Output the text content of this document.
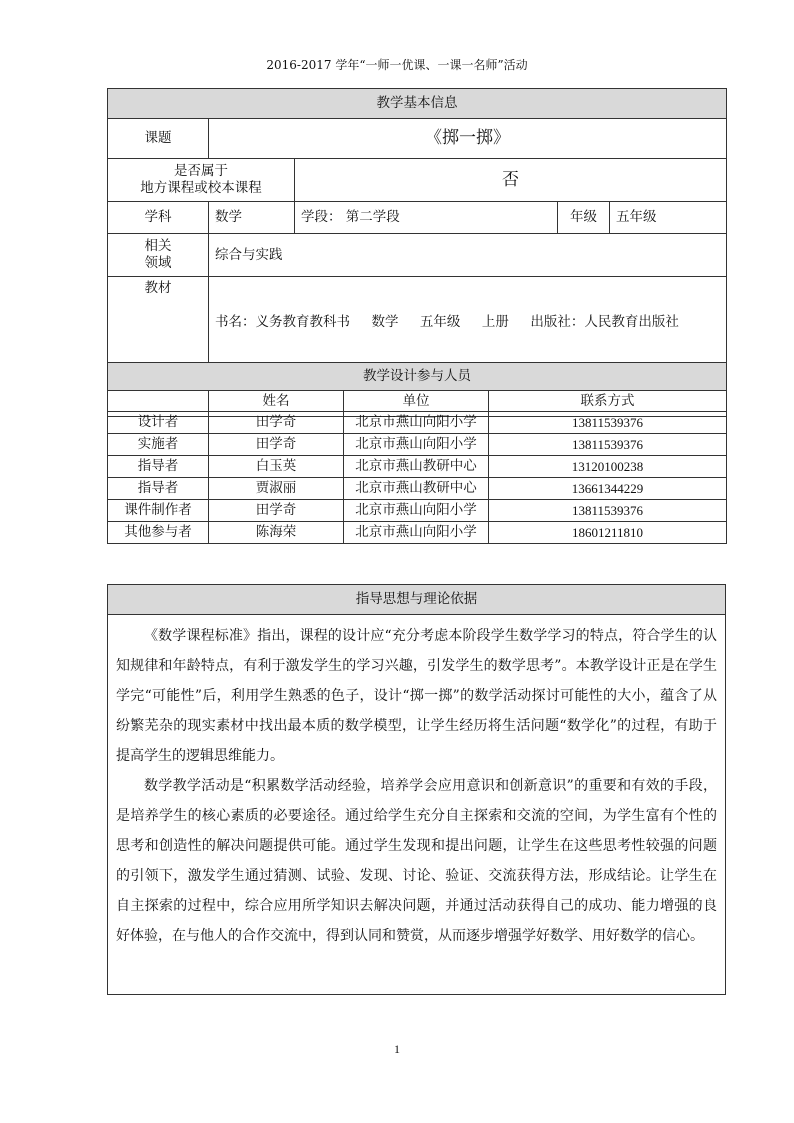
2016-2017 学年“一师一优课、一课一名师”活动
教学基本信息				
课题	《掷一掷》			

是否属于
地方课程或校本课程		否		
学科	数学	学段： 第二学段	年级	五年级

相关
领域	综合与实践			
教材	书名：义务教育教科书     数学     五年级     上册     出版社：人民教育出版社			

教学设计参与人员			
	姓名	单位	联系方式
设计者	田学奇	北京市燕山向阳小学	13811539376
实施者	田学奇	北京市燕山向阳小学	13811539376
指导者	白玉英	北京市燕山教研中心	13120100238
指导者	贾淑丽	北京市燕山教研中心	13661344229
课件制作者	田学奇	北京市燕山向阳小学	13811539376
其他参与者	陈海荣	北京市燕山向阳小学	18601211810
指导思想与理论依据

《数学课程标准》指出，课程的设计应“充分考虑本阶段学生数学学习的特点，符合学生的认知规律和年龄特点，有利于激发学生的学习兴趣，引发学生的数学思考”。本教学设计正是在学生学完“可能性”后，利用学生熟悉的色子，设计“掷一掷”的数学活动探讨可能性的大小，蕴含了从纷繁芜杂的现实素材中找出最本质的数学模型，让学生经历将生活问题“数学化”的过程，有助于提高学生的逻辑思维能力。

数学教学活动是“积累数学活动经验，培养学会应用意识和创新意识”的重要和有效的手段，是培养学生的核心素质的必要途径。通过给学生充分自主探索和交流的空间，为学生富有个性的思考和创造性的解决问题提供可能。通过学生发现和提出问题，让学生在这些思考性较强的问题的引领下，激发学生通过猜测、试验、发现、讨论、验证、交流获得方法，形成结论。让学生在自主探索的过程中，综合应用所学知识去解决问题，并通过活动获得自己的成功、能力增强的良好体验，在与他人的合作交流中，得到认同和赞赏，从而逐步增强学好数学、用好数学的信心。

1
